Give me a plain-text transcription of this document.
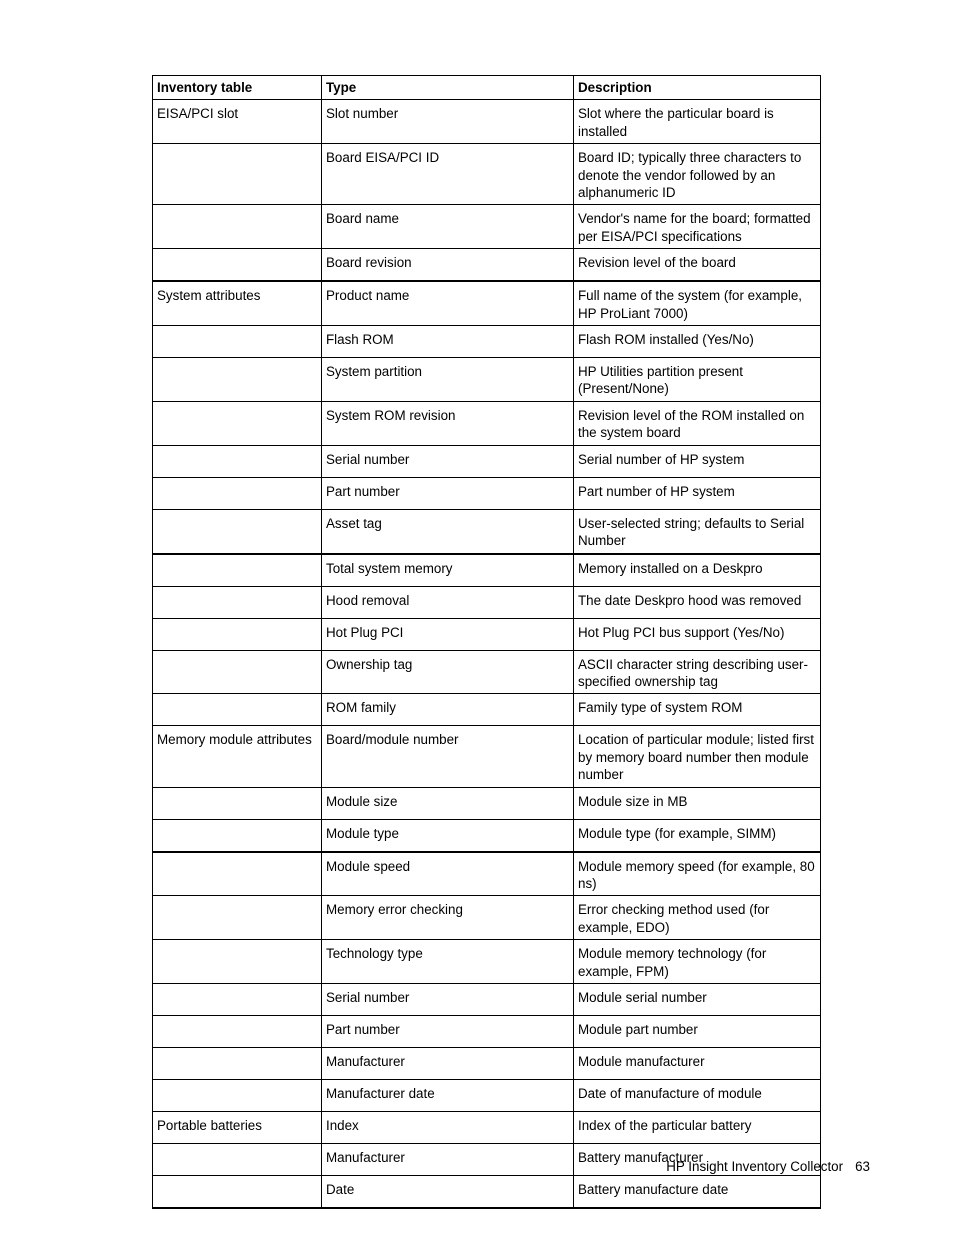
Inventory table	Type	Description
EISA/PCI slot	Slot number	Slot where the particular board is installed
	Board EISA/PCI ID	Board ID; typically three characters to denote the vendor followed by an alphanumeric ID
	Board name	Vendor's name for the board; formatted per EISA/PCI specifications
	Board revision	Revision level of the board
System attributes	Product name	Full name of the system (for example, HP ProLiant 7000)
	Flash ROM	Flash ROM installed (Yes/No)
	System partition	HP Utilities partition present (Present/None)
	System ROM revision	Revision level of the ROM installed on the system board
	Serial number	Serial number of HP system
	Part number	Part number of HP system
	Asset tag	User-selected string; defaults to Serial Number
	Total system memory	Memory installed on a Deskpro
	Hood removal	The date Deskpro hood was removed
	Hot Plug PCI	Hot Plug PCI bus support (Yes/No)
	Ownership tag	ASCII character string describing user-specified ownership tag
	ROM family	Family type of system ROM
Memory module attributes	Board/module number	Location of particular module; listed first by memory board number then module number
	Module size	Module size in MB
	Module type	Module type (for example, SIMM)
	Module speed	Module memory speed (for example, 80 ns)
	Memory error checking	Error checking method used (for example, EDO)
	Technology type	Module memory technology (for example, FPM)
	Serial number	Module serial number
	Part number	Module part number
	Manufacturer	Module manufacturer
	Manufacturer date	Date of manufacture of module
Portable batteries	Index	Index of the particular battery
	Manufacturer	Battery manufacturer
	Date	Battery manufacture date
HP Insight Inventory Collector 63
